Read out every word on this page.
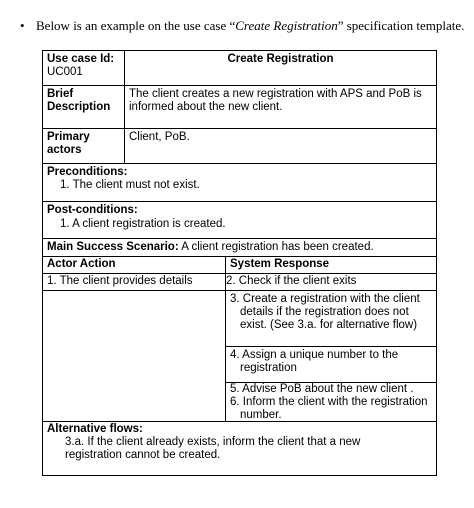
• Below is an example on the use case “Create Registration” specification template.
Use case Id:
UC001
Create Registration
Brief Description
The client creates a new registration with APS and PoB is informed about the new client.
Primary actors
Client, PoB.
Preconditions:
1. The client must not exist.
Post-conditions:
1. A client registration is created.
Main Success Scenario: A client registration has been created.
Actor Action	System Response
1. The client provides details	2. Check if the client exits
3. Create a registration with the client details if the registration does not exist. (See 3.a. for alternative flow)
4. Assign a unique number to the registration
5. Advise PoB about the new client .
6. Inform the client with the registration number.
Alternative flows:
3.a. If the client already exists, inform the client that a new registration cannot be created.
